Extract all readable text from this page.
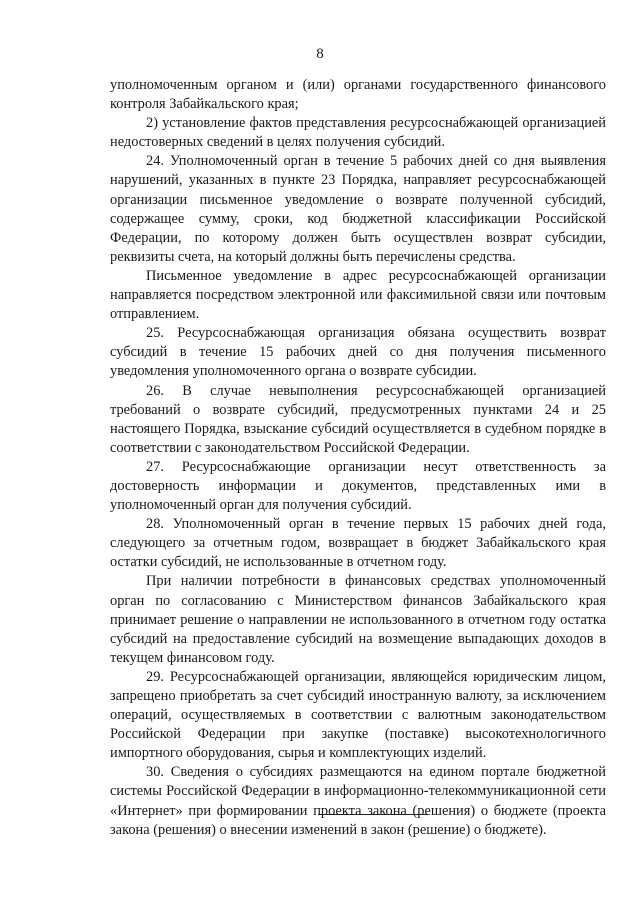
8

уполномоченным органом и (или) органами государственного финансового контроля Забайкальского края;

2) установление фактов представления ресурсоснабжающей организацией недостоверных сведений в целях получения субсидий.

24. Уполномоченный орган в течение 5 рабочих дней со дня выявления нарушений, указанных в пункте 23 Порядка, направляет ресурсоснабжающей организации письменное уведомление о возврате полученной субсидий, содержащее сумму, сроки, код бюджетной классификации Российской Федерации, по которому должен быть осуществлен возврат субсидии, реквизиты счета, на который должны быть перечислены средства.

Письменное уведомление в адрес ресурсоснабжающей организации направляется посредством электронной или факсимильной связи или почтовым отправлением.

25. Ресурсоснабжающая организация обязана осуществить возврат субсидий в течение 15 рабочих дней со дня получения письменного уведомления уполномоченного органа о возврате субсидии.

26. В случае невыполнения ресурсоснабжающей организацией требований о возврате субсидий, предусмотренных пунктами 24 и 25 настоящего Порядка, взыскание субсидий осуществляется в судебном порядке в соответствии с законодательством Российской Федерации.

27. Ресурсоснабжающие организации несут ответственность за достоверность информации и документов, представленных ими в уполномоченный орган для получения субсидий.

28. Уполномоченный орган в течение первых 15 рабочих дней года, следующего за отчетным годом, возвращает в бюджет Забайкальского края остатки субсидий, не использованные в отчетном году.

При наличии потребности в финансовых средствах уполномоченный орган по согласованию с Министерством финансов Забайкальского края принимает решение о направлении не использованного в отчетном году остатка субсидий на предоставление субсидий на возмещение выпадающих доходов в текущем финансовом году.

29. Ресурсоснабжающей организации, являющейся юридическим лицом, запрещено приобретать за счет субсидий иностранную валюту, за исключением операций, осуществляемых в соответствии с валютным законодательством Российской Федерации при закупке (поставке) высокотехнологичного импортного оборудования, сырья и комплектующих изделий.

30. Сведения о субсидиях размещаются на едином портале бюджетной системы Российской Федерации в информационно-телекоммуникационной сети «Интернет» при формировании проекта закона (решения) о бюджете (проекта закона (решения) о внесении изменений в закон (решение) о бюджете).
